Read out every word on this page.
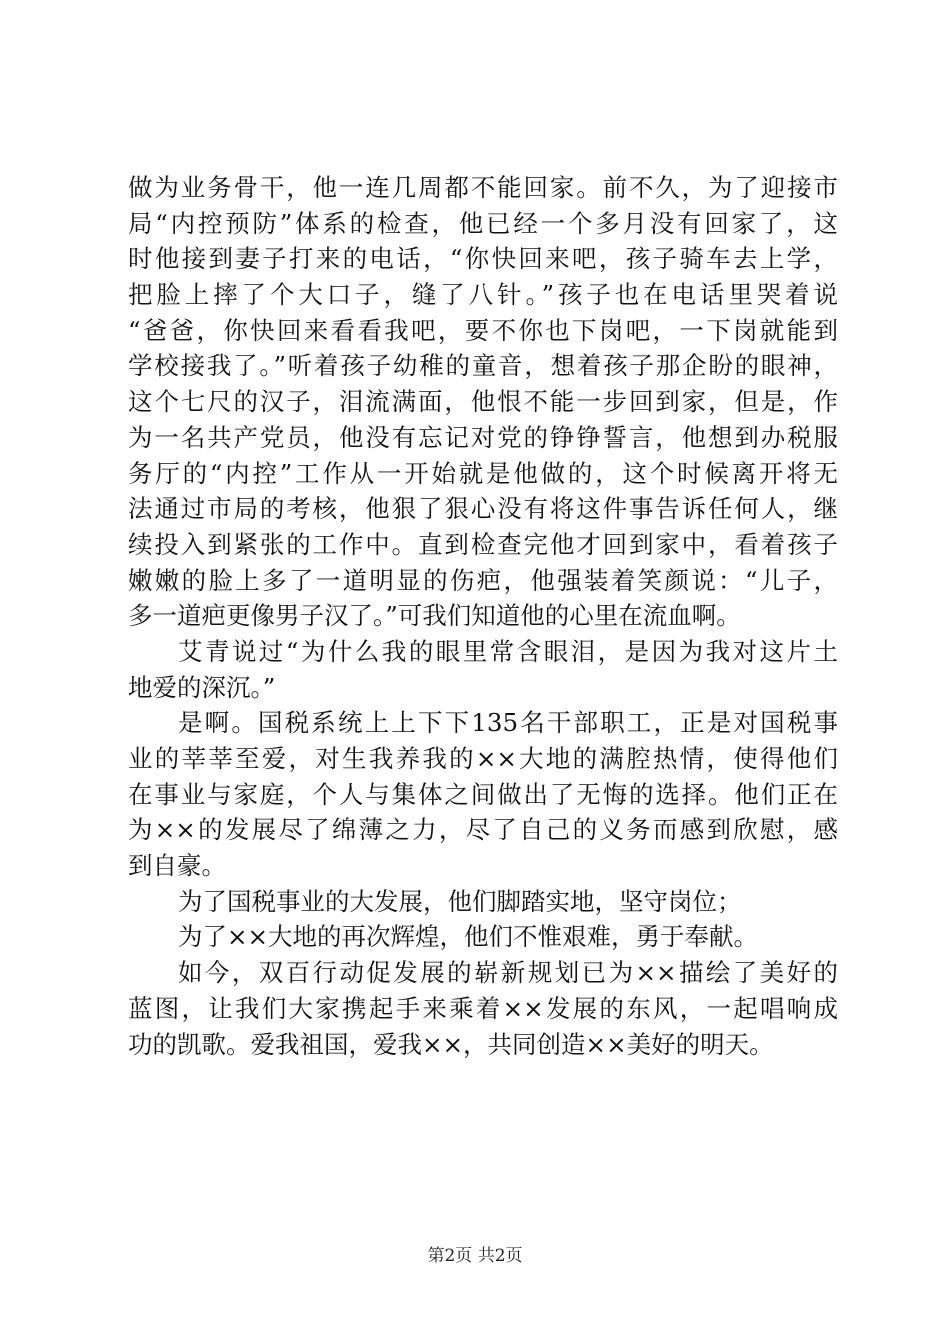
做为业务骨干，他一连几周都不能回家。前不久，为了迎接市
局“内控预防”体系的检查，他已经一个多月没有回家了，这
时他接到妻子打来的电话，“你快回来吧，孩子骑车去上学，
把脸上摔了个大口子，缝了八针。”孩子也在电话里哭着说
“爸爸，你快回来看看我吧，要不你也下岗吧，一下岗就能到
学校接我了。”听着孩子幼稚的童音，想着孩子那企盼的眼神，
这个七尺的汉子，泪流满面，他恨不能一步回到家，但是，作
为一名共产党员，他没有忘记对党的铮铮誓言，他想到办税服
务厅的“内控”工作从一开始就是他做的，这个时候离开将无
法通过市局的考核，他狠了狠心没有将这件事告诉任何人，继
续投入到紧张的工作中。直到检查完他才回到家中，看着孩子
嫩嫩的脸上多了一道明显的伤疤，他强装着笑颜说：“儿子，
多一道疤更像男子汉了。”可我们知道他的心里在流血啊。
艾青说过“为什么我的眼里常含眼泪，是因为我对这片土
地爱的深沉。”
是啊。国税系统上上下下135名干部职工，正是对国税事
业的莘莘至爱，对生我养我的××大地的满腔热情，使得他们
在事业与家庭，个人与集体之间做出了无悔的选择。他们正在
为××的发展尽了绵薄之力，尽了自己的义务而感到欣慰，感
到自豪。
为了国税事业的大发展，他们脚踏实地，坚守岗位；
为了××大地的再次辉煌，他们不惟艰难，勇于奉献。
如今，双百行动促发展的崭新规划已为××描绘了美好的
蓝图，让我们大家携起手来乘着××发展的东风，一起唱响成
功的凯歌。爱我祖国，爱我××，共同创造××美好的明天。
第2页 共2页
